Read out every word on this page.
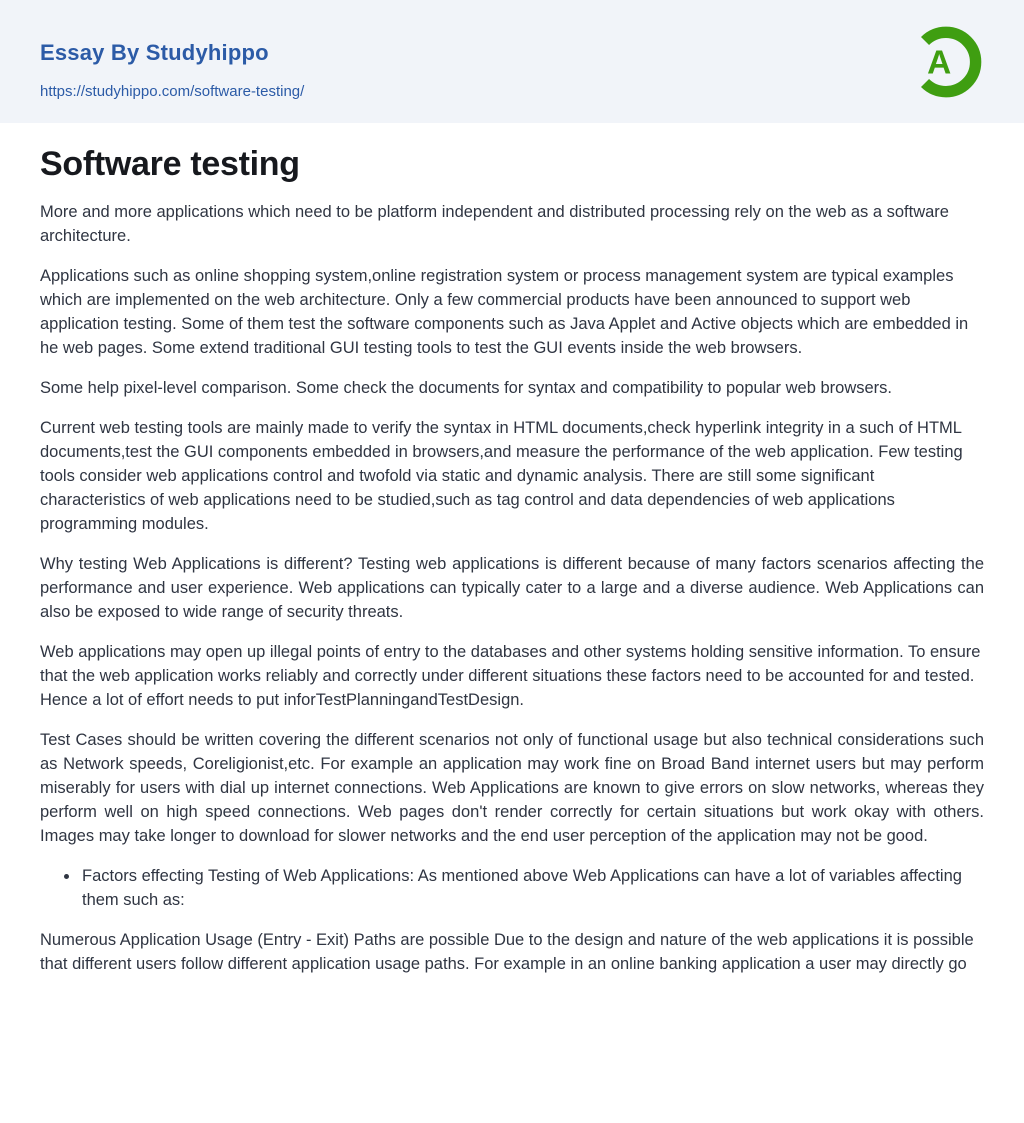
Essay By Studyhippo
https://studyhippo.com/software-testing/
A
Software testing

More and more applications which need to be platform independent and distributed processing rely on the web as a software architecture.

Applications such as online shopping system,online registration system or process management system are typical examples which are implemented on the web architecture. Only a few commercial products have been announced to support web application testing. Some of them test the software components such as Java Applet and Active objects which are embedded in he web pages. Some extend traditional GUI testing tools to test the GUI events inside the web browsers.

Some help pixel-level comparison. Some check the documents for syntax and compatibility to popular web browsers.

Current web testing tools are mainly made to verify the syntax in HTML documents,check hyperlink integrity in a such of HTML documents,test the GUI components embedded in browsers,and measure the performance of the web application. Few testing tools consider web applications control and twofold via static and dynamic analysis. There are still some significant characteristics of web applications need to be studied,such as tag control and data dependencies of web applications programming modules.

Why testing Web Applications is different? Testing web applications is different because of many factors scenarios affecting the performance and user experience. Web applications can typically cater to a large and a diverse audience. Web Applications can also be exposed to wide range of security threats.

Web applications may open up illegal points of entry to the databases and other systems holding sensitive information. To ensure that the web application works reliably and correctly under different situations these factors need to be accounted for and tested. Hence a lot of effort needs to put inforTestPlanningandTestDesign.

Test Cases should be written covering the different scenarios not only of functional usage but also technical considerations such as Network speeds, Coreligionist,etc. For example an application may work fine on Broad Band internet users but may perform miserably for users with dial up internet connections. Web Applications are known to give errors on slow networks, whereas they perform well on high speed connections. Web pages don't render correctly for certain situations but work okay with others. Images may take longer to download for slower networks and the end user perception of the application may not be good.

• Factors effecting Testing of Web Applications: As mentioned above Web Applications can have a lot of variables affecting them such as:

Numerous Application Usage (Entry - Exit) Paths are possible Due to the design and nature of the web applications it is possible that different users follow different application usage paths. For example in an online banking application a user may directly go
